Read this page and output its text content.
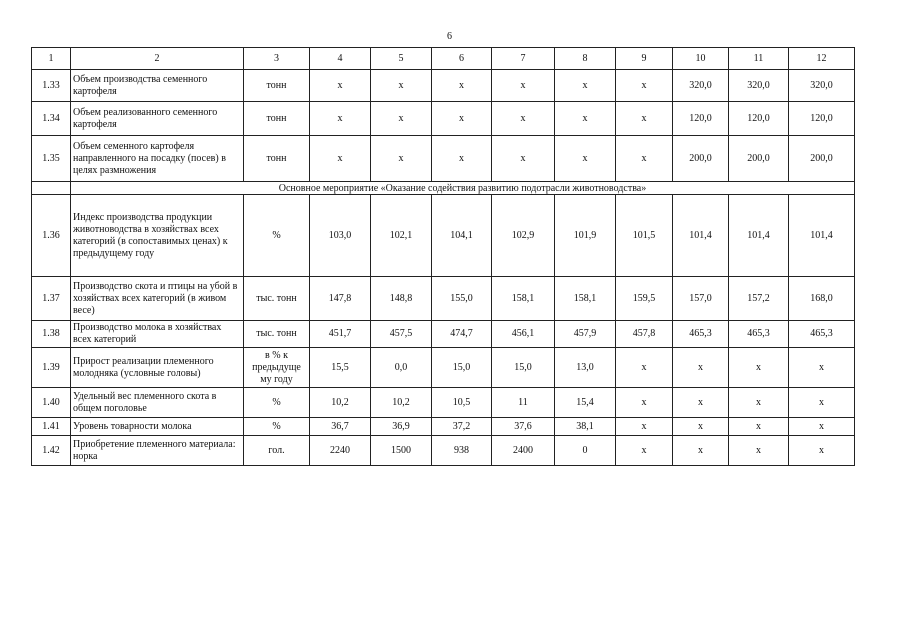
6
1	2	3	4	5	6	7	8	9	10	11	12
1.33	Объем производства семенного картофеля	тонн	x	x	x	x	x	x	320,0	320,0	320,0
1.34	Объем реализованного семенного картофеля	тонн	x	x	x	x	x	x	120,0	120,0	120,0
1.35	Объем семенного картофеля направленного на посадку (посев) в целях размножения	тонн	x	x	x	x	x	x	200,0	200,0	200,0
	Основное мероприятие «Оказание содействия развитию подотрасли животноводства»										
1.36	Индекс производства продукции животноводства в хозяйствах всех категорий (в сопоставимых ценах) к предыдущему году	%	103,0	102,1	104,1	102,9	101,9	101,5	101,4	101,4	101,4
1.37	Производство скота и птицы на убой в хозяйствах всех категорий (в живом весе)	тыс. тонн	147,8	148,8	155,0	158,1	158,1	159,5	157,0	157,2	168,0
1.38	Производство молока в хозяйствах всех категорий	тыс. тонн	451,7	457,5	474,7	456,1	457,9	457,8	465,3	465,3	465,3
1.39	Прирост реализации племенного молодняка (условные головы)	в % к предыдуще му году	15,5	0,0	15,0	15,0	13,0	x	x	x	x
1.40	Удельный вес племенного скота в общем поголовье	%	10,2	10,2	10,5	11	15,4	x	x	x	x
1.41	Уровень товарности молока	%	36,7	36,9	37,2	37,6	38,1	x	x	x	x
1.42	Приобретение племенного материала: норка	гол.	2240	1500	938	2400	0	x	x	x	x
